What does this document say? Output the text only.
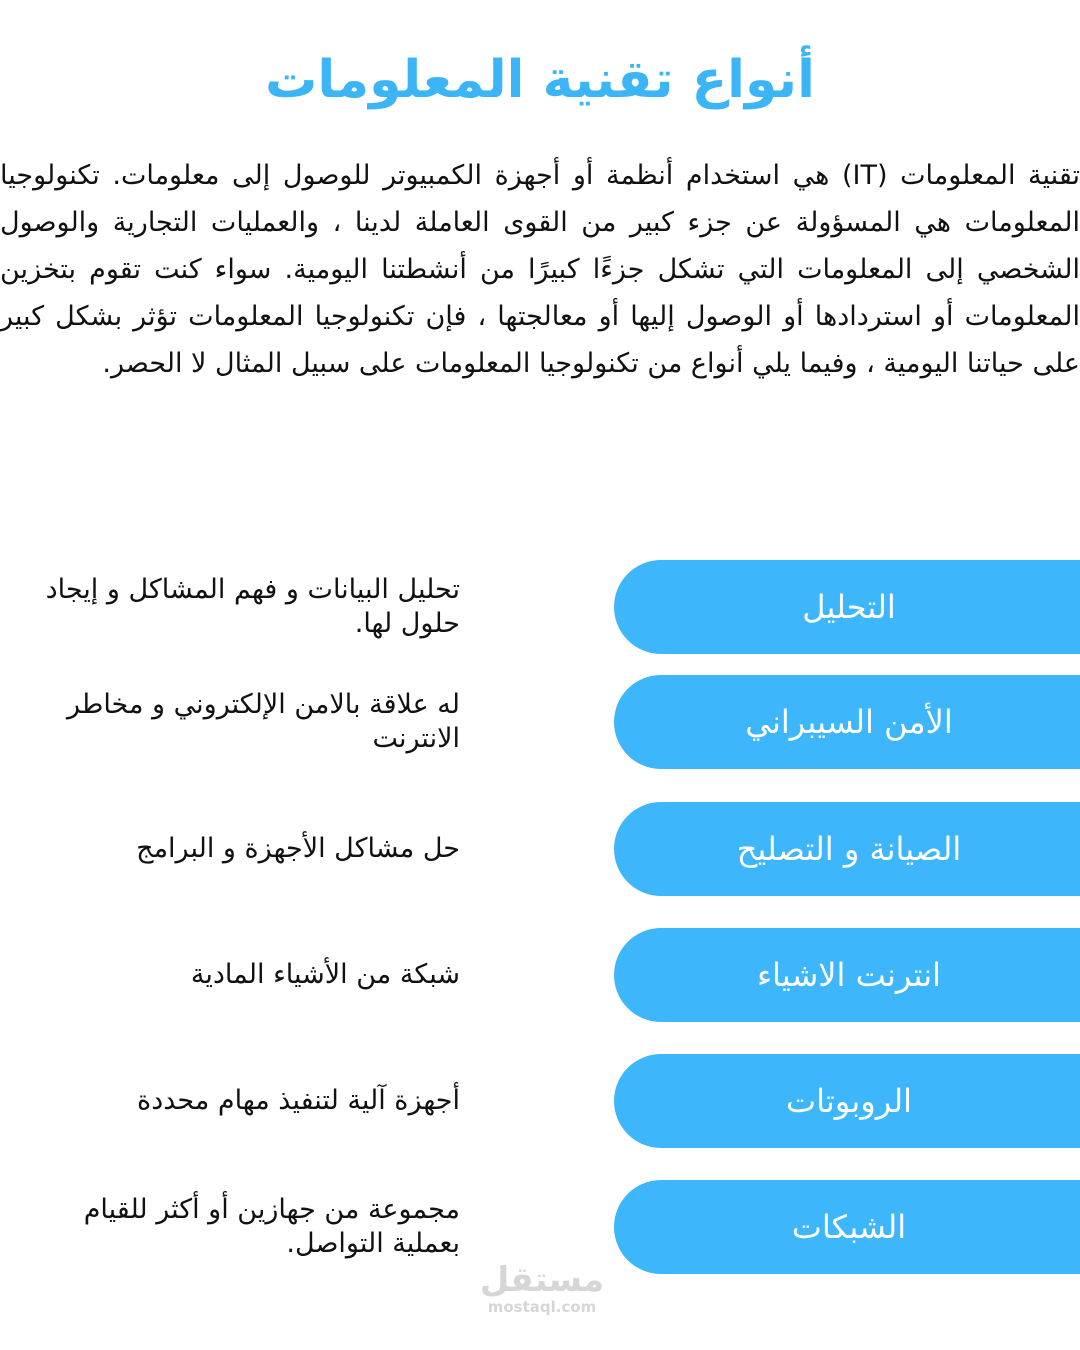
أنواع تقنية المعلومات

تقنية المعلومات (IT) هي استخدام أنظمة أو أجهزة الكمبيوتر للوصول إلى معلومات. تكنولوجيا المعلومات هي المسؤولة عن جزء كبير من القوى العاملة لدينا ، والعمليات التجارية والوصول الشخصي إلى المعلومات التي تشكل جزءًا كبيرًا من أنشطتنا اليومية. سواء كنت تقوم بتخزين المعلومات أو استردادها أو الوصول إليها أو معالجتها ، فإن تكنولوجيا المعلومات تؤثر بشكل كبير على حياتنا اليومية ، وفيما يلي أنواع من تكنولوجيا المعلومات على سبيل المثال لا الحصر.

تحليل البيانات و فهم المشاكل و إيجاد حلول لها.	التحليل
له علاقة بالامن الإلكتروني و مخاطر الانترنت	الأمن السيبراني
حل مشاكل الأجهزة و البرامج	الصيانة و التصليح
شبكة من الأشياء المادية	انترنت الاشياء
أجهزة آلية لتنفيذ مهام محددة	الروبوتات
مجموعة من جهازين أو أكثر للقيام بعملية التواصل.	الشبكات
مستقل
mostaql.com
